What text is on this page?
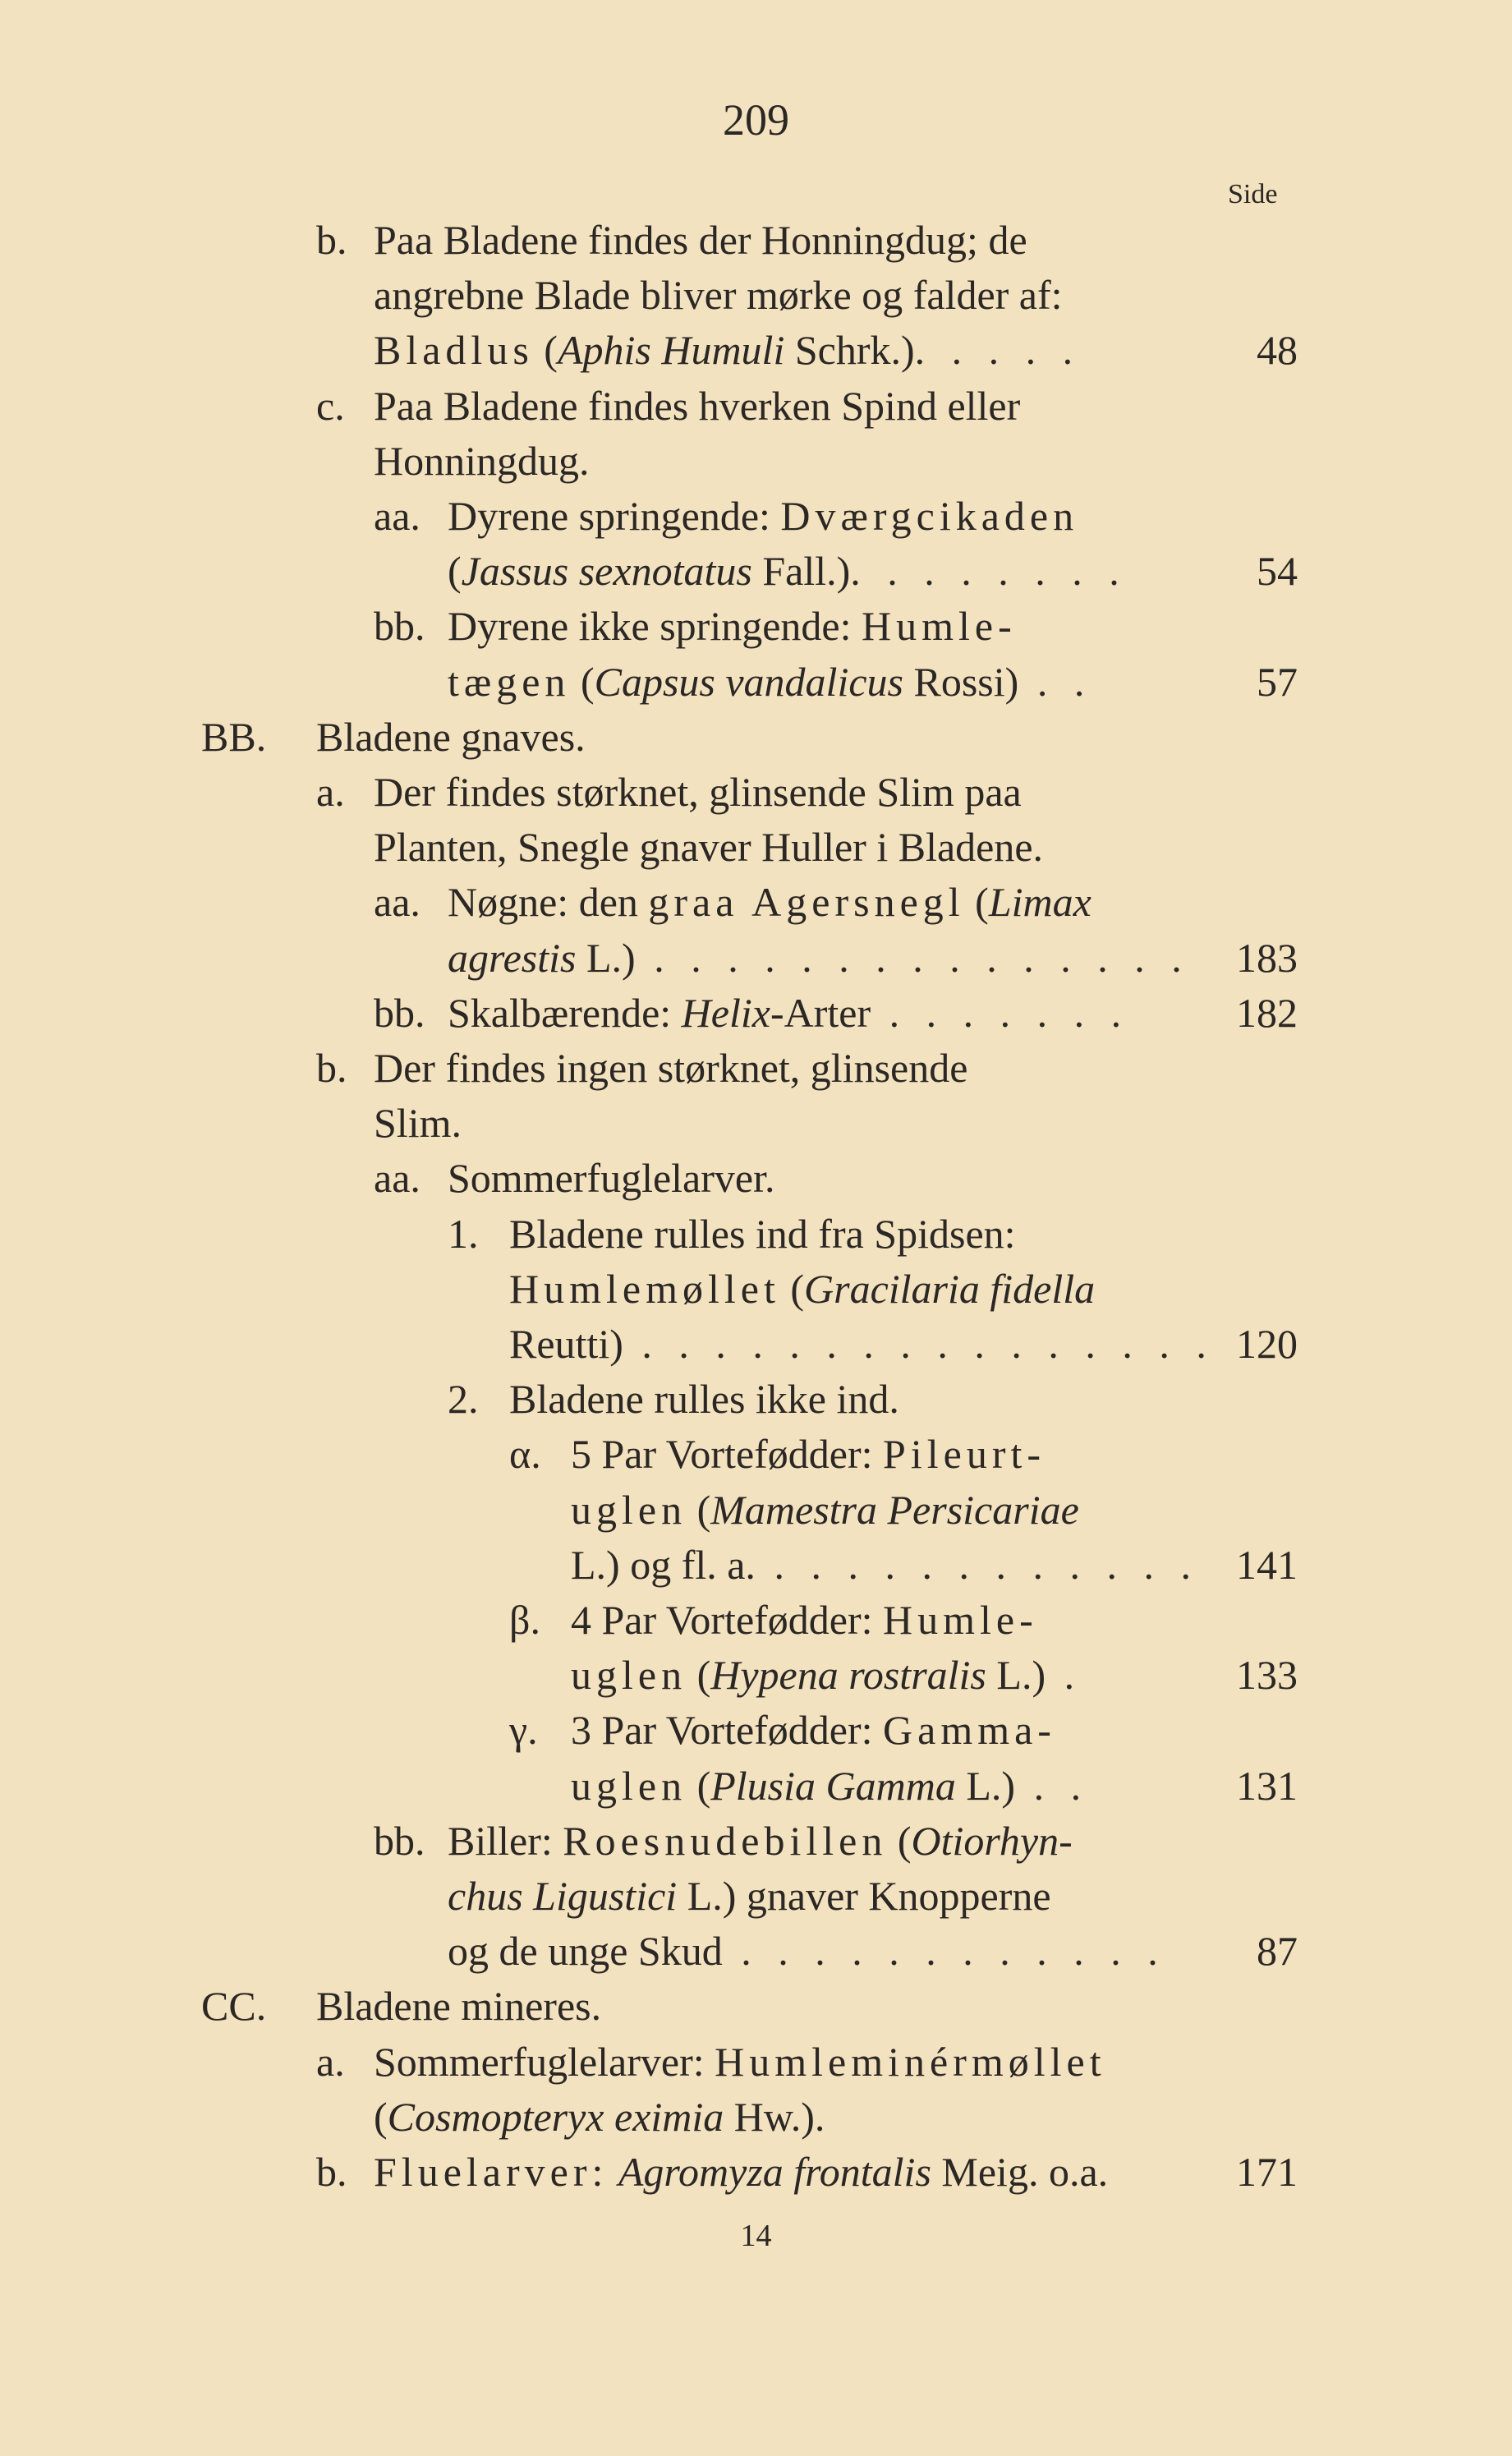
209
Side
b. Paa Bladene findes der Honningdug; de
angrebne Blade bliver mørke og falder af:
Bladlus (Aphis Humuli Schrk.). . . . .	48
c. Paa Bladene findes hverken Spind eller
Honningdug.
aa. Dyrene springende: Dværgcikaden
(Jassus sexnotatus Fall.). . . . . . . .	54
bb. Dyrene ikke springende: Humle-
tægen (Capsus vandalicus Rossi) . .	57
BB. Bladene gnaves.
a. Der findes størknet, glinsende Slim paa
Planten, Snegle gnaver Huller i Bladene.
aa. Nøgne: den graa Agersnegl (Limax
agrestis L.) . . . . . . . . . . . . . . .	183
bb. Skalbærende: Helix-Arter . . . . . . .	182
b. Der findes ingen størknet, glinsende
Slim.
aa. Sommerfuglelarver.
1. Bladene rulles ind fra Spidsen:
Humlemøllet (Gracilaria fidella
Reutti) . . . . . . . . . . . . . . . . 120
2. Bladene rulles ikke ind.
α. 5 Par Vortefødder: Pileurt-
uglen (Mamestra Persicariae
L.) og fl. a. . . . . . . . . . . . . 141
β. 4 Par Vortefødder: Humle-
uglen (Hypena rostralis L.) .	133
γ. 3 Par Vortefødder: Gamma-
uglen (Plusia Gamma L.) . .	131
bb. Biller: Roesnudebillen (Otiorhyn-
chus Ligustici L.) gnaver Knopperne
og de unge Skud . . . . . . . . . . . .	87
CC. Bladene mineres.
a. Sommerfuglelarver: Humleminérmøllet
(Cosmopteryx eximia Hw.).
b. Fluelarver: Agromyza frontalis Meig. o.a.	171
14
